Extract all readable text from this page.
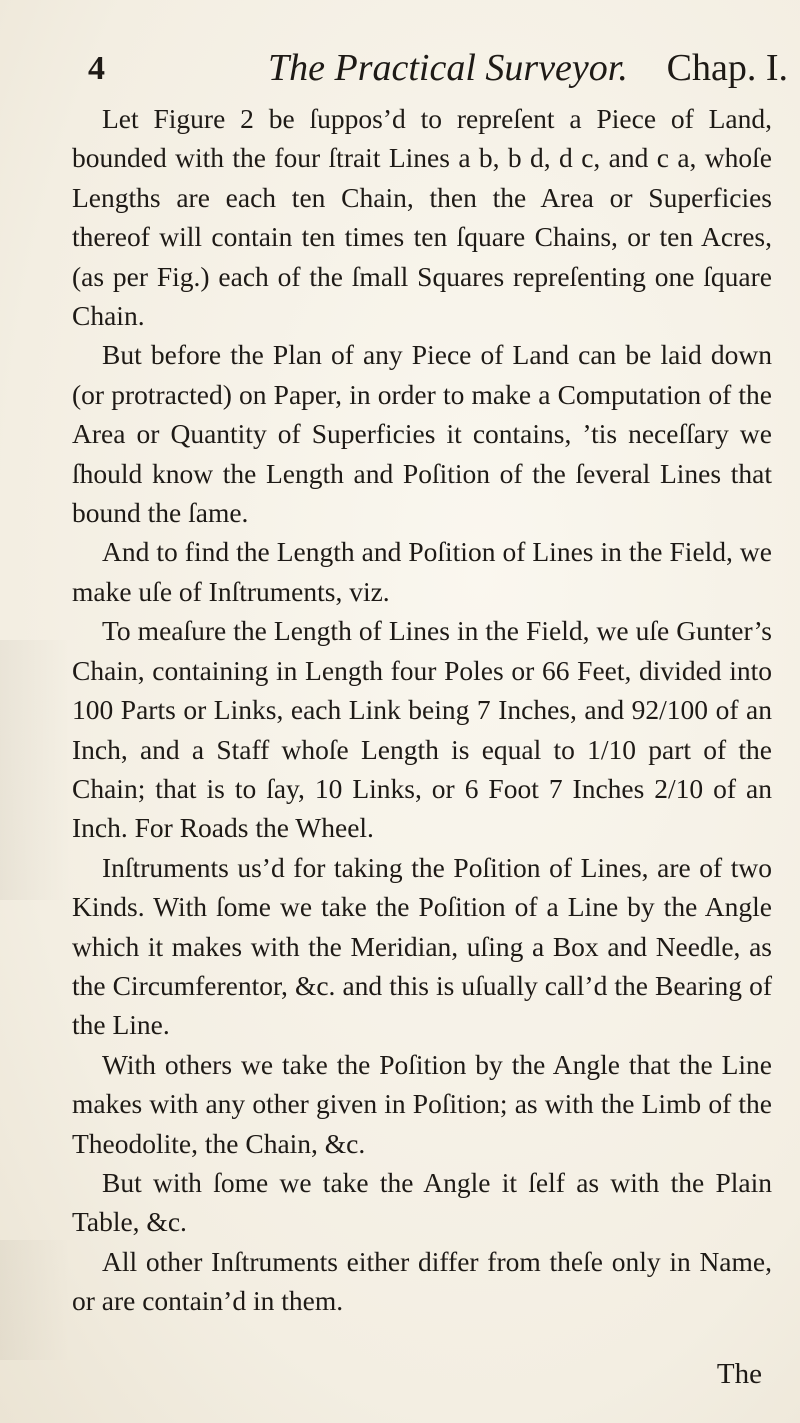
4	The Practical Surveyor. Chap. I.

Let Figure 2 be ſuppos’d to repreſent a Piece of Land, bounded with the four ſtrait Lines a b, b d, d c, and c a, whoſe Lengths are each ten Chain, then the Area or Superficies thereof will contain ten times ten ſquare Chains, or ten Acres, (as per Fig.) each of the ſmall Squares repreſenting one ſquare Chain.

But before the Plan of any Piece of Land can be laid down (or protracted) on Paper, in order to make a Computation of the Area or Quantity of Superficies it contains, ’tis neceſſary we ſhould know the Length and Poſition of the ſeveral Lines that bound the ſame.

And to find the Length and Poſition of Lines in the Field, we make uſe of Inſtruments, viz.

To meaſure the Length of Lines in the Field, we uſe Gunter’s Chain, containing in Length four Poles or 66 Feet, divided into 100 Parts or Links, each Link being 7 Inches, and 92/100 of an Inch, and a Staff whoſe Length is equal to 1/10 part of the Chain; that is to ſay, 10 Links, or 6 Foot 7 Inches 2/10 of an Inch. For Roads the Wheel.

Inſtruments us’d for taking the Poſition of Lines, are of two Kinds. With ſome we take the Poſition of a Line by the Angle which it makes with the Meridian, uſing a Box and Needle, as the Circumferentor, &c. and this is uſually call’d the Bearing of the Line.

With others we take the Poſition by the Angle that the Line makes with any other given in Poſition; as with the Limb of the Theodolite, the Chain, &c.

But with ſome we take the Angle it ſelf as with the Plain Table, &c.

All other Inſtruments either differ from theſe only in Name, or are contain’d in them.

The
